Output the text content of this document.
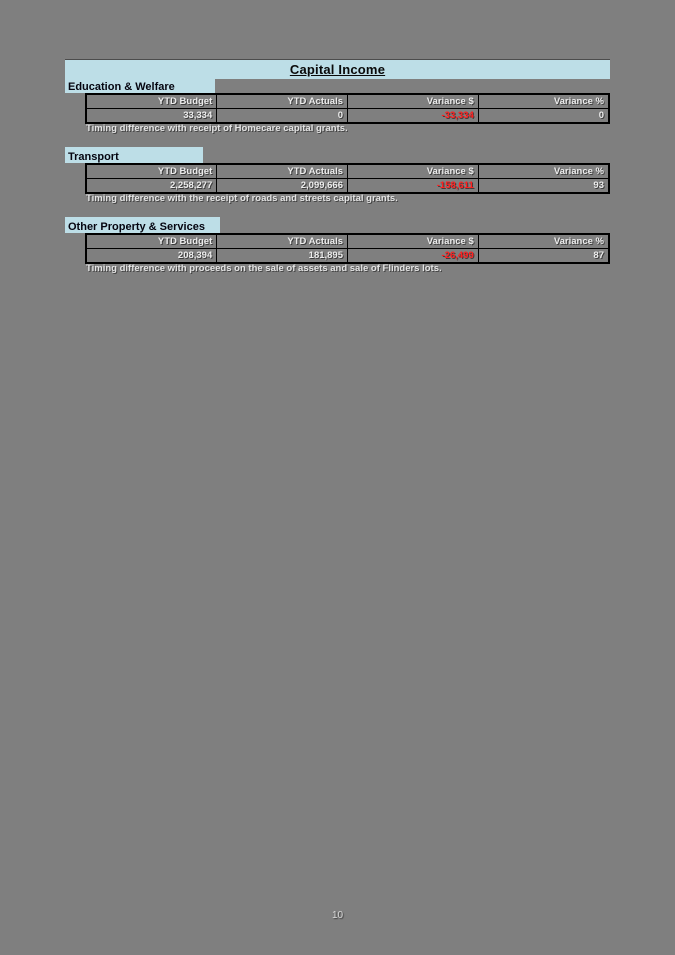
Capital Income
Education & Welfare
YTD Budget	YTD Actuals	Variance $	Variance %
33,334	0	-33,334	0
Timing difference with receipt of Homecare capital grants.
Transport
YTD Budget	YTD Actuals	Variance $	Variance %
2,258,277	2,099,666	-158,611	93
Timing difference with the receipt of roads and streets capital grants.
Other Property & Services
YTD Budget	YTD Actuals	Variance $	Variance %
208,394	181,895	-26,499	87
Timing difference with proceeds on the sale of assets and sale of Flinders lots.
10
